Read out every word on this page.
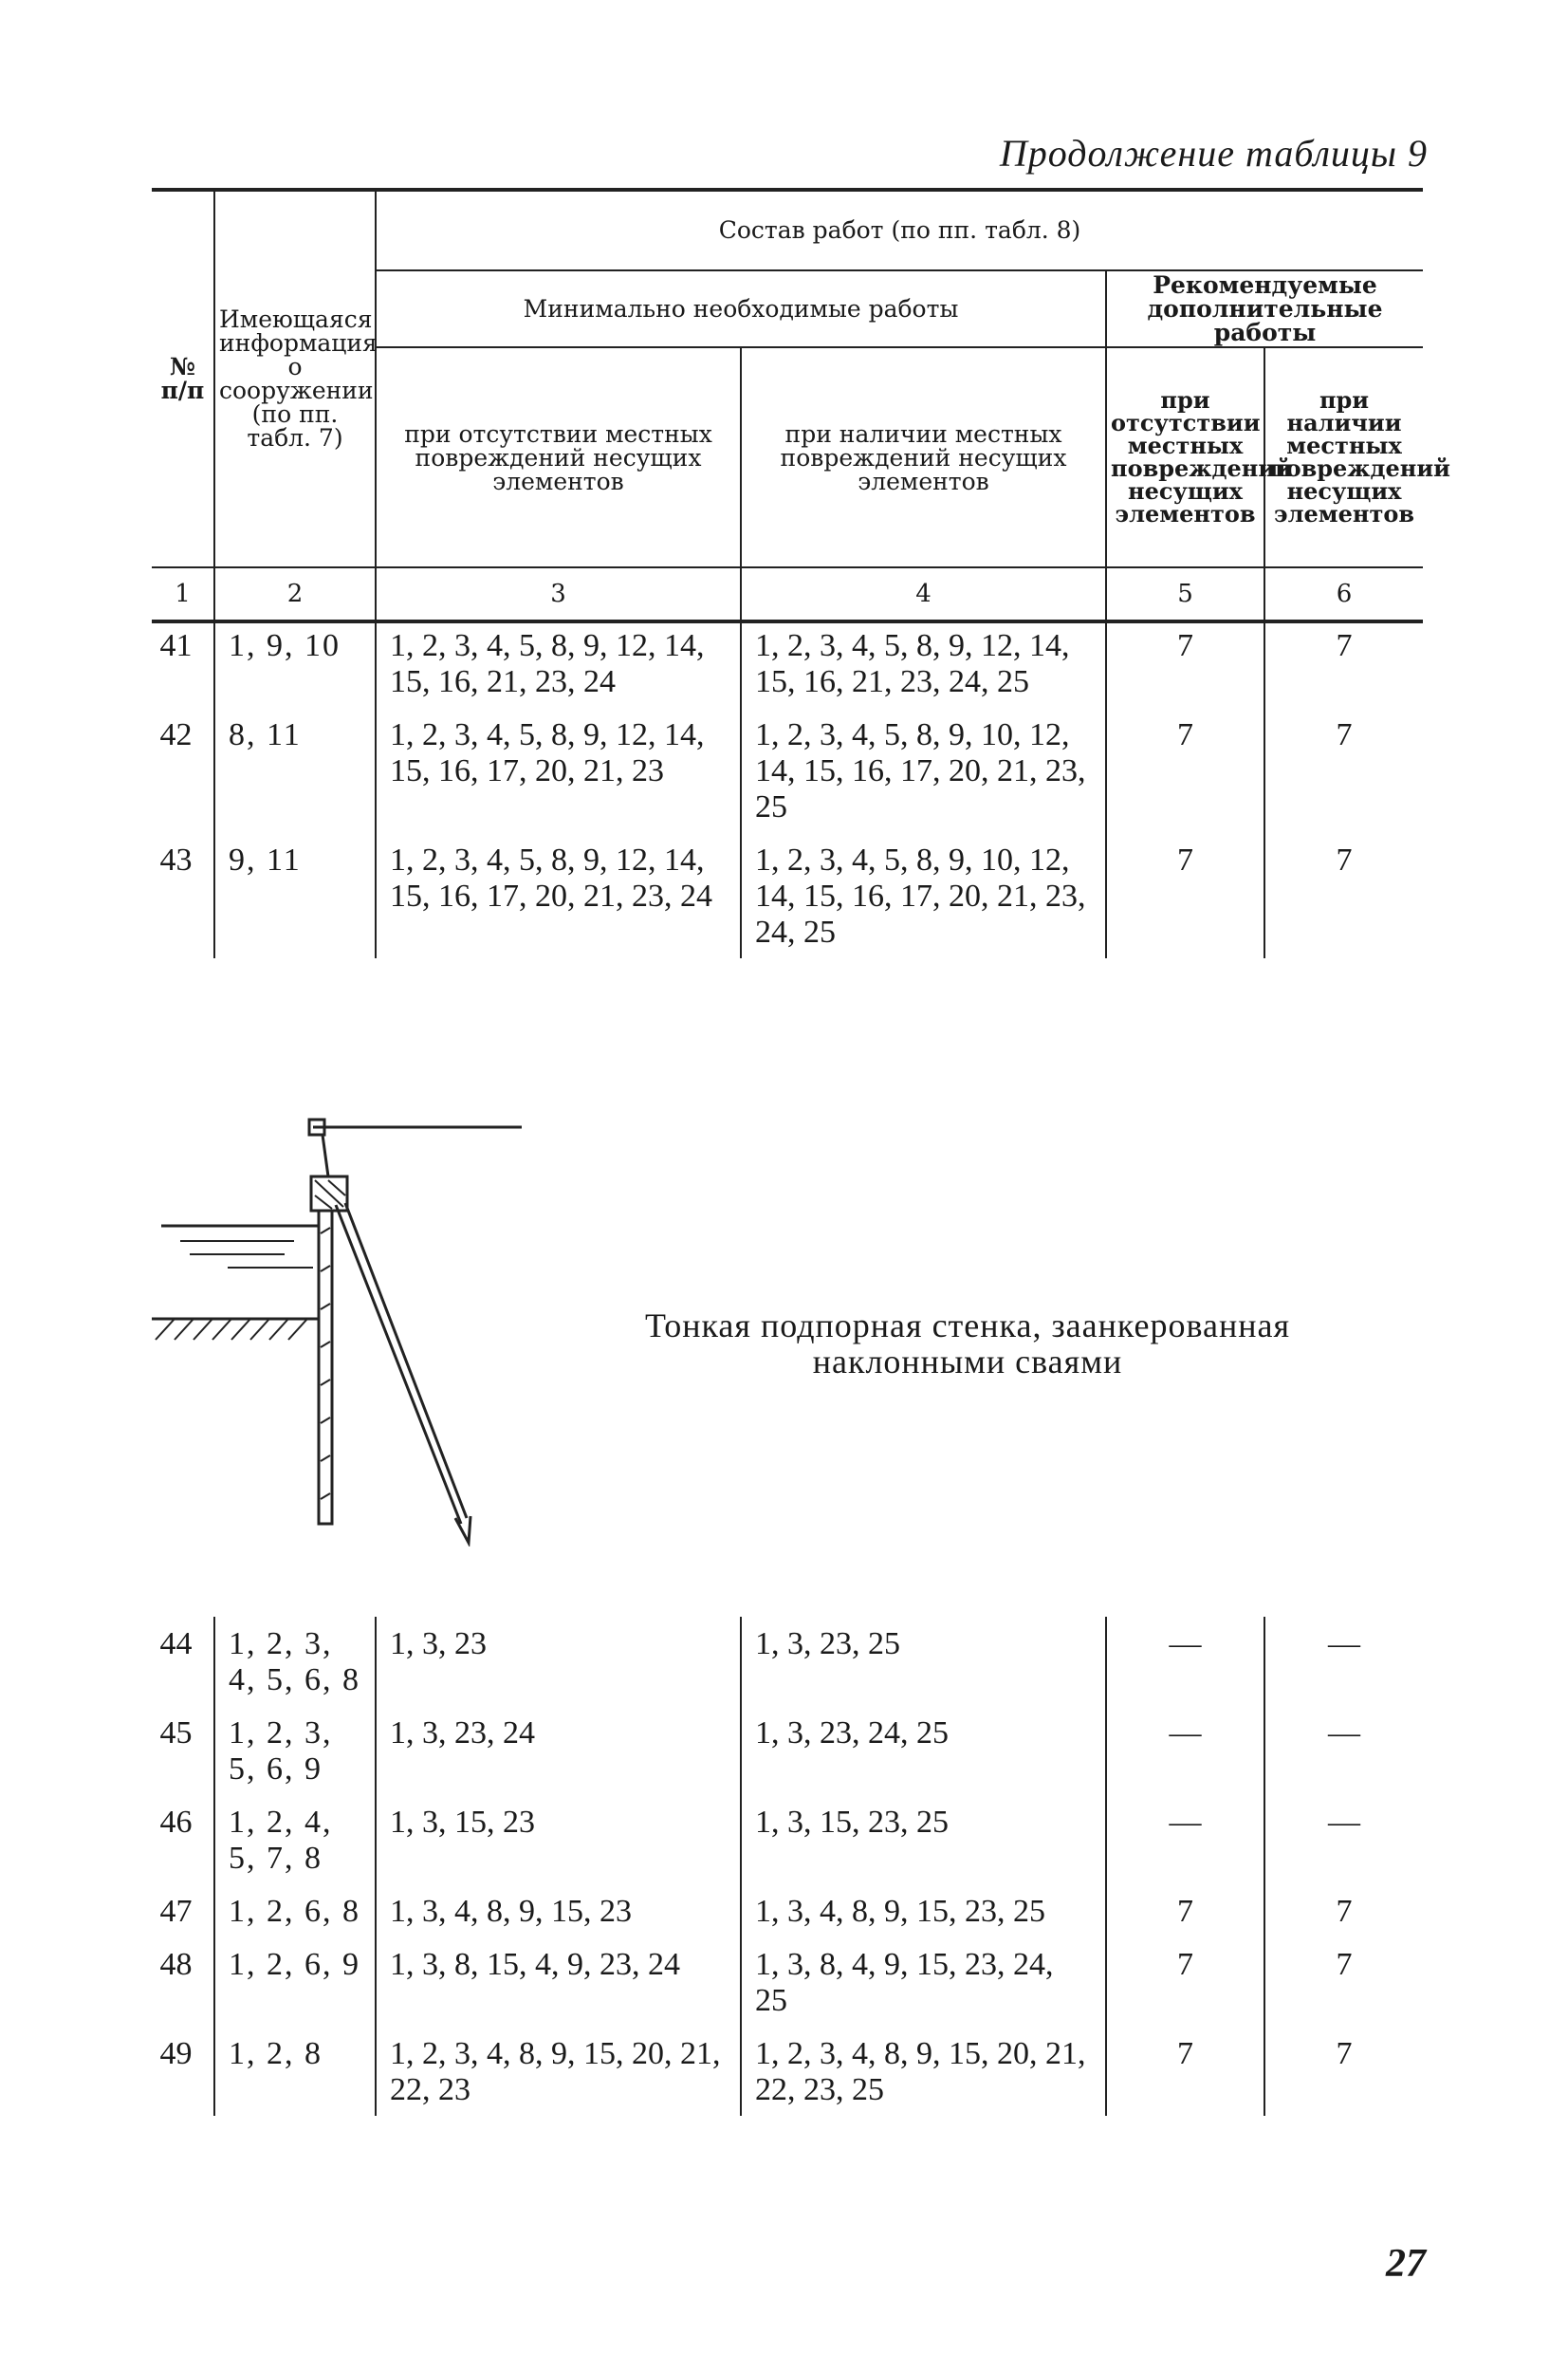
Продолжение таблицы 9
№ п/п	Имеющаяся информация о сооружении (по пп. табл. 7)	Состав работ (по пп. табл. 8)			
		Минимально необходимые работы		Рекомендуемые дополнительные работы	
		при отсутствии местных повреждений несущих элементов	при наличии местных повреждений несущих элементов	при отсутствии местных повреждений несущих элементов	при наличии местных повреждений несущих элементов
1	2	3	4	5	6
41	1, 9, 10	1, 2, 3, 4, 5, 8, 9, 12, 14, 15, 16, 21, 23, 24	1, 2, 3, 4, 5, 8, 9, 12, 14, 15, 16, 21, 23, 24, 25	7	7
42	8, 11	1, 2, 3, 4, 5, 8, 9, 12, 14, 15, 16, 17, 20, 21, 23	1, 2, 3, 4, 5, 8, 9, 10, 12, 14, 15, 16, 17, 20, 21, 23, 25	7	7
43	9, 11	1, 2, 3, 4, 5, 8, 9, 12, 14, 15, 16, 17, 20, 21, 23, 24	1, 2, 3, 4, 5, 8, 9, 10, 12, 14, 15, 16, 17, 20, 21, 23, 24, 25	7	7
Тонкая подпорная стенка, заанкерованная наклонными сваями
44	1, 2, 3, 4, 5, 6, 8	1, 3, 23	1, 3, 23, 25	—	—
45	1, 2, 3, 5, 6, 9	1, 3, 23, 24	1, 3, 23, 24, 25	—	—
46	1, 2, 4, 5, 7, 8	1, 3, 15, 23	1, 3, 15, 23, 25	—	—
47	1, 2, 6, 8	1, 3, 4, 8, 9, 15, 23	1, 3, 4, 8, 9, 15, 23, 25	7	7
48	1, 2, 6, 9	1, 3, 8, 15, 4, 9, 23, 24	1, 3, 8, 4, 9, 15, 23, 24, 25	7	7
49	1, 2, 8	1, 2, 3, 4, 8, 9, 15, 20, 21, 22, 23	1, 2, 3, 4, 8, 9, 15, 20, 21, 22, 23, 25	7	7
27
